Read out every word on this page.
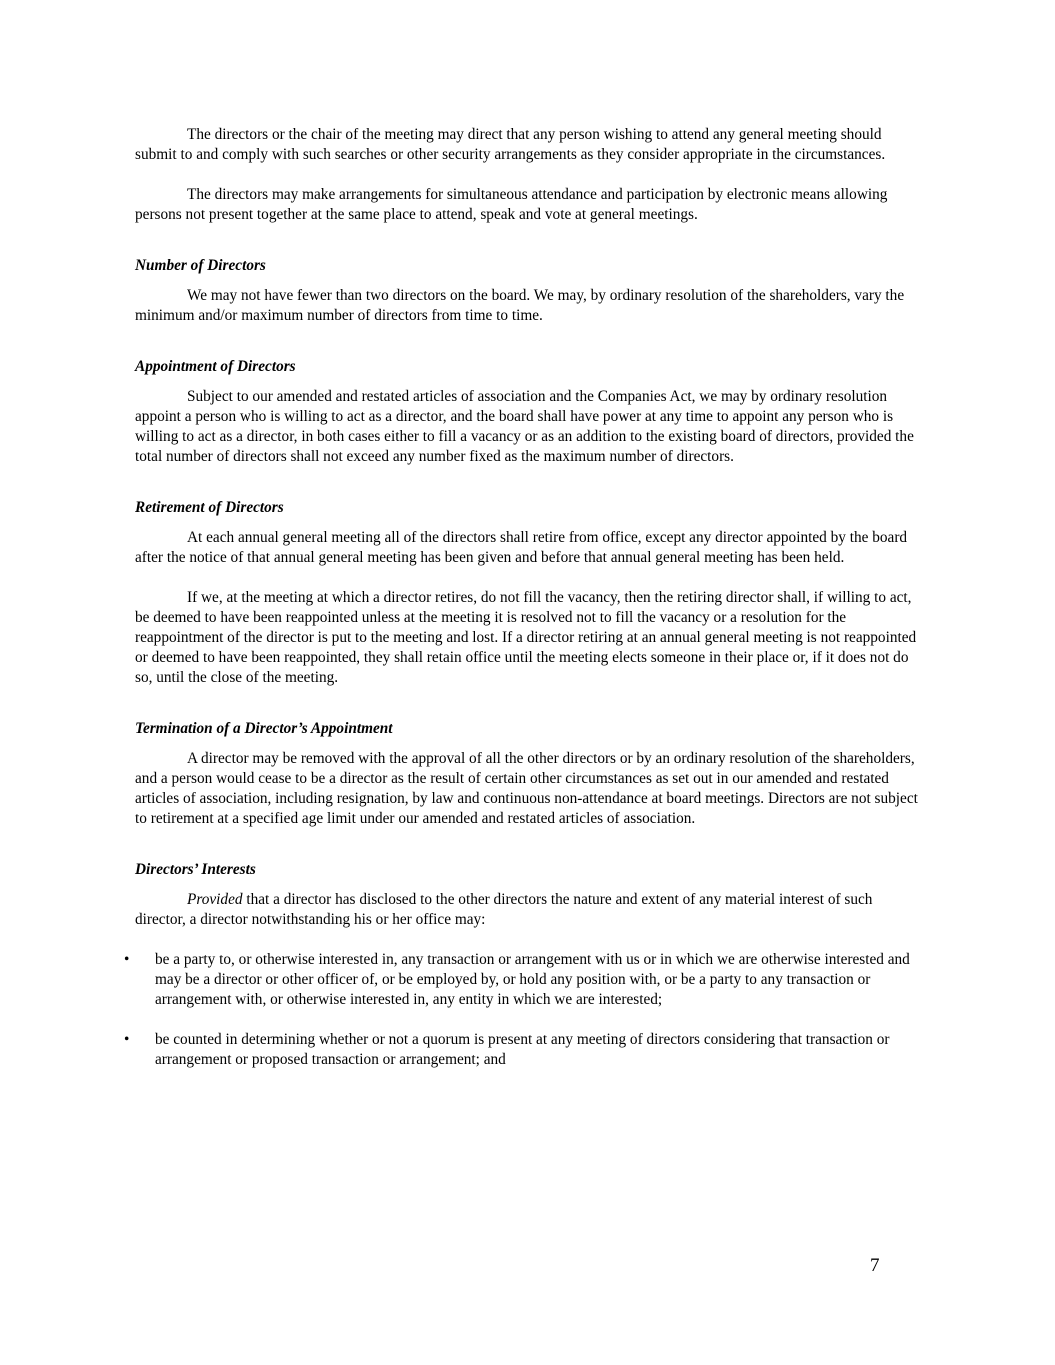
The directors or the chair of the meeting may direct that any person wishing to attend any general meeting should submit to and comply with such searches or other security arrangements as they consider appropriate in the circumstances.

The directors may make arrangements for simultaneous attendance and participation by electronic means allowing persons not present together at the same place to attend, speak and vote at general meetings.

Number of Directors

We may not have fewer than two directors on the board. We may, by ordinary resolution of the shareholders, vary the minimum and/or maximum number of directors from time to time.

Appointment of Directors

Subject to our amended and restated articles of association and the Companies Act, we may by ordinary resolution appoint a person who is willing to act as a director, and the board shall have power at any time to appoint any person who is willing to act as a director, in both cases either to fill a vacancy or as an addition to the existing board of directors, provided the total number of directors shall not exceed any number fixed as the maximum number of directors.

Retirement of Directors

At each annual general meeting all of the directors shall retire from office, except any director appointed by the board after the notice of that annual general meeting has been given and before that annual general meeting has been held.

If we, at the meeting at which a director retires, do not fill the vacancy, then the retiring director shall, if willing to act, be deemed to have been reappointed unless at the meeting it is resolved not to fill the vacancy or a resolution for the reappointment of the director is put to the meeting and lost. If a director retiring at an annual general meeting is not reappointed or deemed to have been reappointed, they shall retain office until the meeting elects someone in their place or, if it does not do so, until the close of the meeting.

Termination of a Director’s Appointment

A director may be removed with the approval of all the other directors or by an ordinary resolution of the shareholders, and a person would cease to be a director as the result of certain other circumstances as set out in our amended and restated articles of association, including resignation, by law and continuous non-attendance at board meetings. Directors are not subject to retirement at a specified age limit under our amended and restated articles of association.

Directors’ Interests

Provided that a director has disclosed to the other directors the nature and extent of any material interest of such director, a director notwithstanding his or her office may:

• be a party to, or otherwise interested in, any transaction or arrangement with us or in which we are otherwise interested and may be a director or other officer of, or be employed by, or hold any position with, or be a party to any transaction or arrangement with, or otherwise interested in, any entity in which we are interested;
• be counted in determining whether or not a quorum is present at any meeting of directors considering that transaction or arrangement or proposed transaction or arrangement; and
7
